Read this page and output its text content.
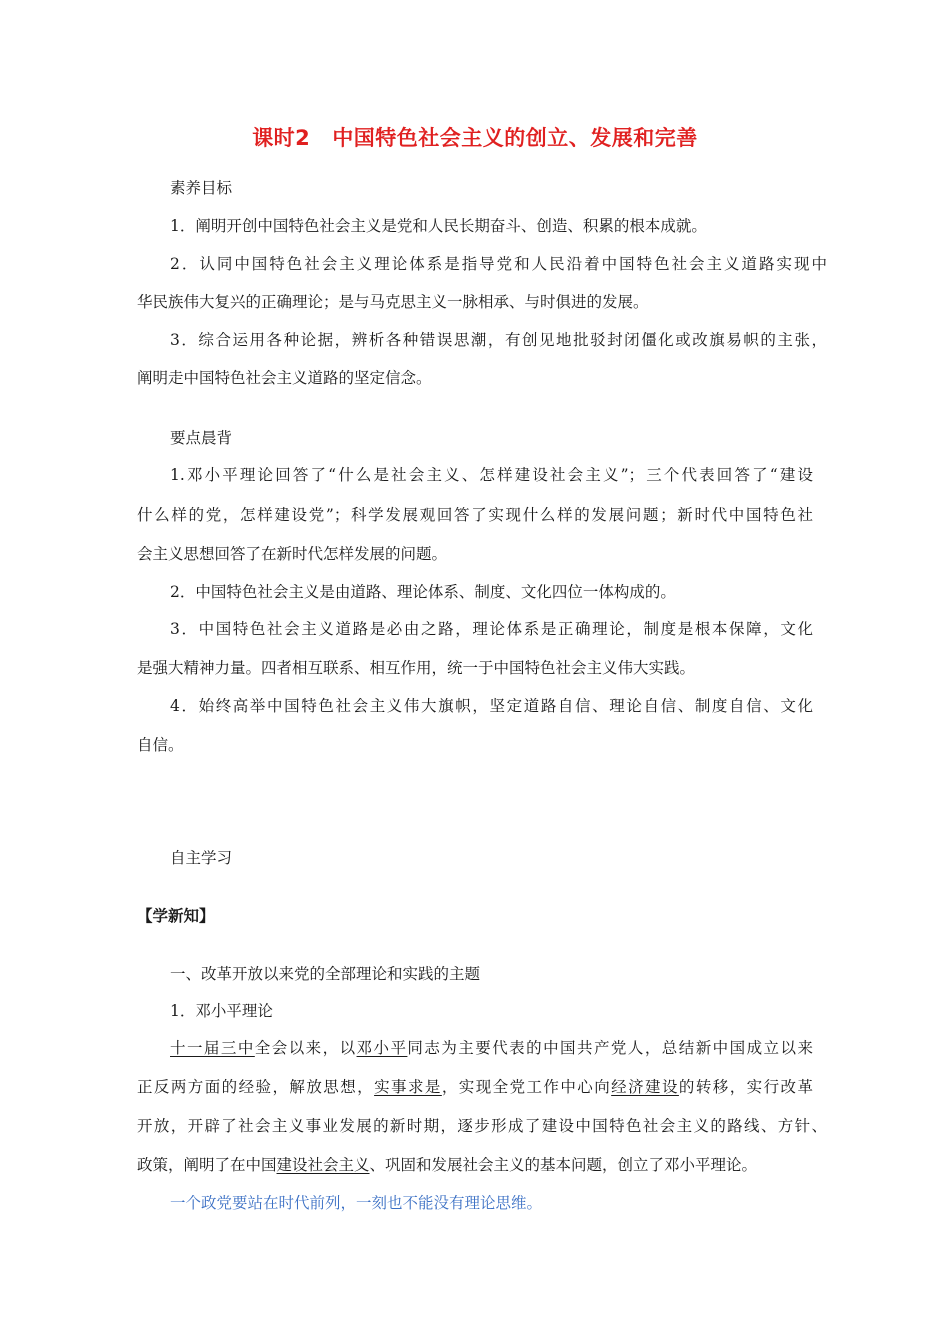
课时2 中国特色社会主义的创立、发展和完善
素养目标
1．阐明开创中国特色社会主义是党和人民长期奋斗、创造、积累的根本成就。
2．认同中国特色社会主义理论体系是指导党和人民沿着中国特色社会主义道路实现中
华民族伟大复兴的正确理论；是与马克思主义一脉相承、与时俱进的发展。
3．综合运用各种论据，辨析各种错误思潮，有创见地批驳封闭僵化或改旗易帜的主张，
阐明走中国特色社会主义道路的坚定信念。
要点晨背
1.邓小平理论回答了“什么是社会主义、怎样建设社会主义”；三个代表回答了“建设
什么样的党，怎样建设党”；科学发展观回答了实现什么样的发展问题；新时代中国特色社
会主义思想回答了在新时代怎样发展的问题。
2．中国特色社会主义是由道路、理论体系、制度、文化四位一体构成的。
3．中国特色社会主义道路是必由之路，理论体系是正确理论，制度是根本保障，文化
是强大精神力量。四者相互联系、相互作用，统一于中国特色社会主义伟大实践。
4．始终高举中国特色社会主义伟大旗帜，坚定道路自信、理论自信、制度自信、文化
自信。
自主学习
【学新知】
一、改革开放以来党的全部理论和实践的主题
1．邓小平理论
十一届三中全会以来，以邓小平同志为主要代表的中国共产党人，总结新中国成立以来
正反两方面的经验，解放思想，实事求是，实现全党工作中心向经济建设的转移，实行改革
开放，开辟了社会主义事业发展的新时期，逐步形成了建设中国特色社会主义的路线、方针、
政策，阐明了在中国建设社会主义、巩固和发展社会主义的基本问题，创立了邓小平理论。
一个政党要站在时代前列，一刻也不能没有理论思维。
